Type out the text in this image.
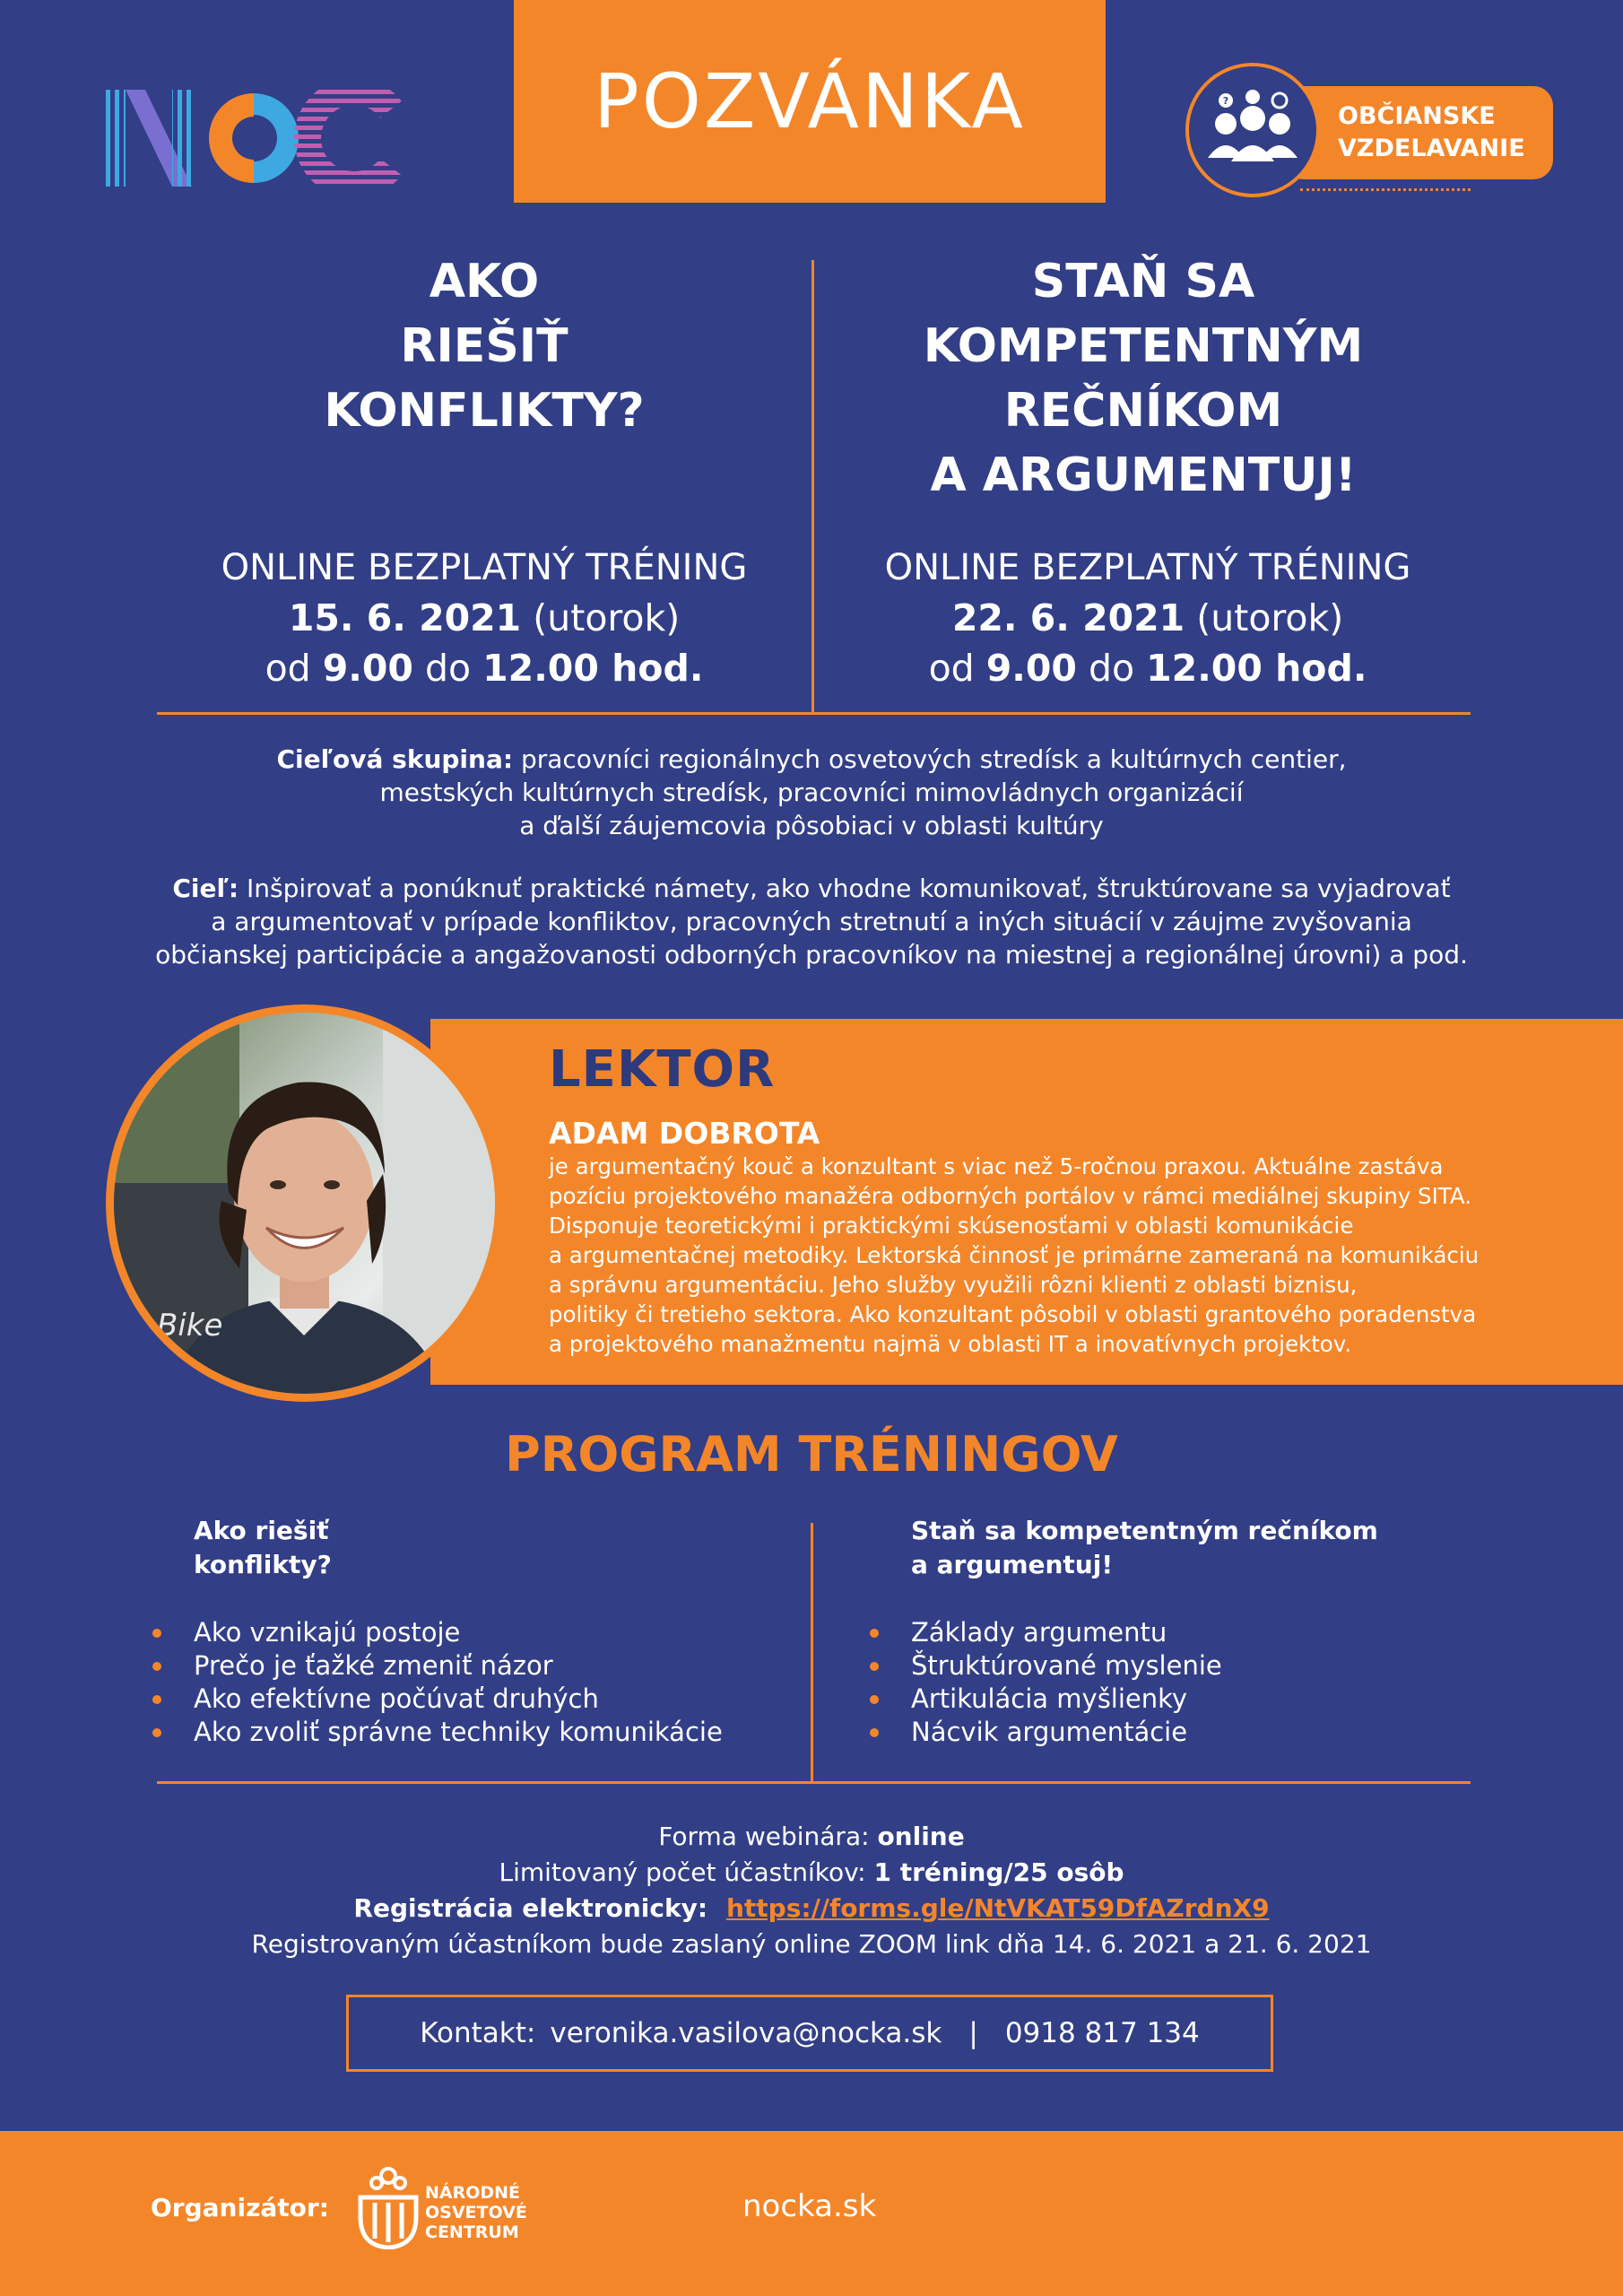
POZVÁNKA	OBČIANSKE
VZDELAVANIE
?
AKO
RIEŠIŤ
KONFLIKTY?
STAŇ SA
KOMPETENTNÝM
REČNÍKOM
A ARGUMENTUJ!
ONLINE BEZPLATNÝ TRÉNING
15. 6. 2021 (utorok)
od 9.00 do 12.00 hod.
ONLINE BEZPLATNÝ TRÉNING
22. 6. 2021 (utorok)
od 9.00 do 12.00 hod.
Cieľová skupina: pracovníci regionálnych osvetových stredísk a kultúrnych centier,
mestských kultúrnych stredísk, pracovníci mimovládnych organizácií
a ďalší záujemcovia pôsobiaci v oblasti kultúry
Cieľ: Inšpirovať a ponúknuť praktické námety, ako vhodne komunikovať, štruktúrovane sa vyjadrovať
a argumentovať v prípade konfliktov, pracovných stretnutí a iných situácií v záujme zvyšovania
občianskej participácie a angažovanosti odborných pracovníkov na miestnej a regionálnej úrovni) a pod.
Bike
LEKTOR
ADAM DOBROTA
je argumentačný kouč a konzultant s viac než 5-ročnou praxou. Aktuálne zastáva
pozíciu projektového manažéra odborných portálov v rámci mediálnej skupiny SITA.
Disponuje teoretickými i praktickými skúsenosťami v oblasti komunikácie
a argumentačnej metodiky. Lektorská činnosť je primárne zameraná na komunikáciu
a správnu argumentáciu. Jeho služby využili rôzni klienti z oblasti biznisu,
politiky či tretieho sektora. Ako konzultant pôsobil v oblasti grantového poradenstva
a projektového manažmentu najmä v oblasti IT a inovatívnych projektov.
PROGRAM TRÉNINGOV
Ako riešiť
konflikty?
Ako vznikajú postoje
Prečo je ťažké zmeniť názor
Ako efektívne počúvať druhých
Ako zvoliť správne techniky komunikácie
Staň sa kompetentným rečníkom
a argumentuj!
Základy argumentu
Štruktúrované myslenie
Artikulácia myšlienky
Nácvik argumentácie
Forma webinára: online
Limitovaný počet účastníkov: 1 tréning/25 osôb
Registrácia elektronicky: https://forms.gle/NtVKAT59DfAZrdnX9
Registrovaným účastníkom bude zaslaný online ZOOM link dňa 14. 6. 2021 a 21. 6. 2021
Kontakt: veronika.vasilova@nocka.sk | 0918 817 134
Organizátor:	NÁRODNÉ
OSVETOVÉ
CENTRUM
nocka.sk
